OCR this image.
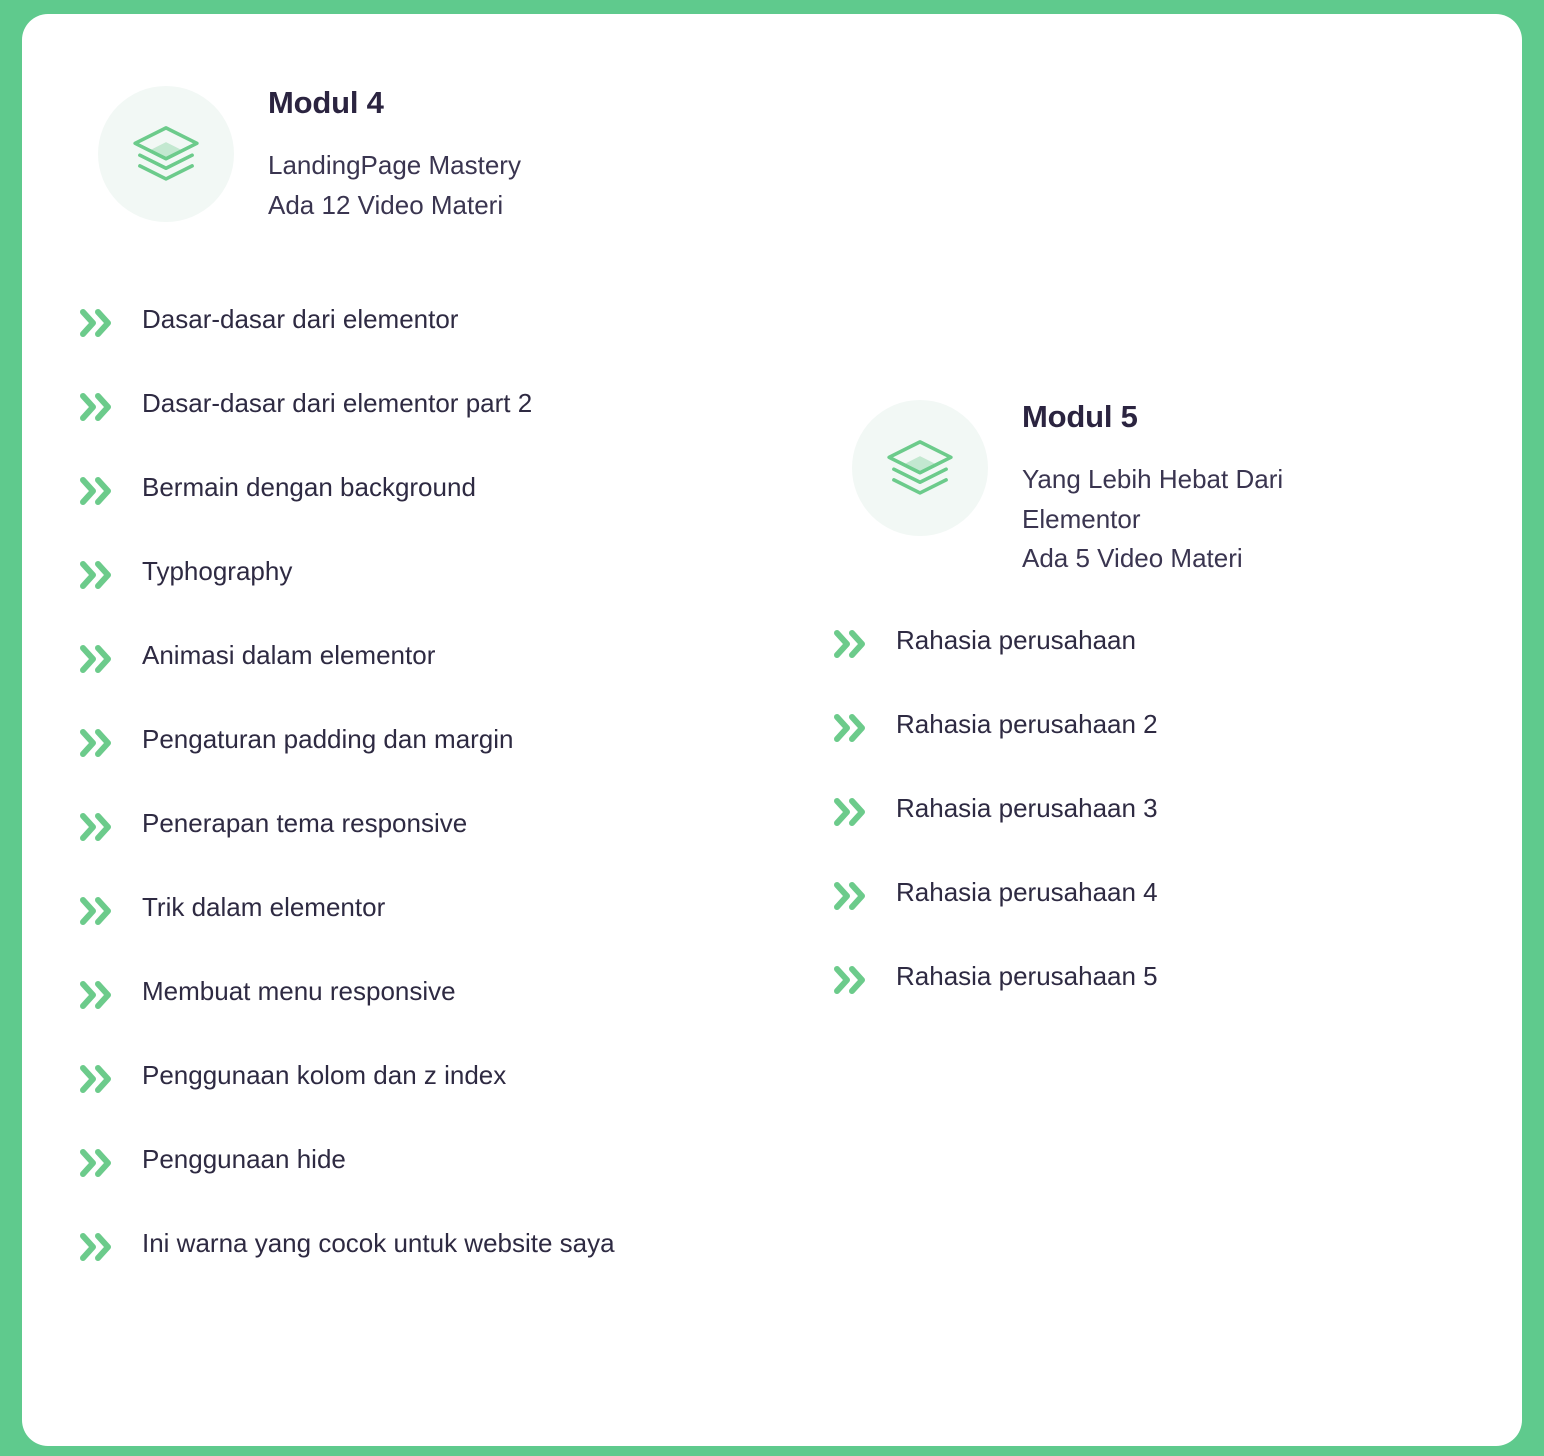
Modul 4
LandingPage Mastery
Ada 12 Video Materi
Dasar-dasar dari elementor
Dasar-dasar dari elementor part 2
Bermain dengan background
Typhography
Animasi dalam elementor
Pengaturan padding dan margin
Penerapan tema responsive
Trik dalam elementor
Membuat menu responsive
Penggunaan kolom dan z index
Penggunaan hide
Ini warna yang cocok untuk website saya
Modul 5
Yang Lebih Hebat Dari Elementor
Ada 5 Video Materi
Rahasia perusahaan
Rahasia perusahaan 2
Rahasia perusahaan 3
Rahasia perusahaan 4
Rahasia perusahaan 5
